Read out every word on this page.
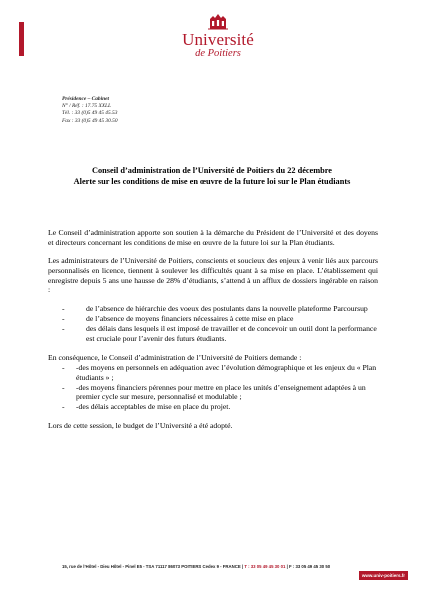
Université
de Poitiers
Présidence – Cabinet
N° / Réf. : 17.75 XXLL
Tél. : 33 (0)5 49 45 45.53
Fax : 33 (0)5 49 45 30.50
Conseil d’administration de l’Université de Poitiers du 22 décembre
Alerte sur les conditions de mise en œuvre de la future loi sur le Plan étudiants

Le Conseil d’administration apporte son soutien à la démarche du Président de l’Université et des doyens et directeurs concernant les conditions de mise en œuvre de la future loi sur la Plan étudiants.

Les administrateurs de l’Université de Poitiers, conscients et soucieux des enjeux à venir liés aux parcours personnalisés en licence, tiennent à soulever les difficultés quant à sa mise en place. L’établissement qui enregistre depuis 5 ans une hausse de 28% d’étudiants, s’attend à un afflux de dossiers ingérable en raison :

-	de l’absence de hiérarchie des voeux des postulants dans la nouvelle plateforme Parcoursup
-	de l’absence de moyens financiers nécessaires à cette mise en place
-	des délais dans lesquels il est imposé de travailler et de concevoir un outil dont la performance est cruciale pour l’avenir des futurs étudiants.

En conséquence, le Conseil d’administration de l’Université de Poitiers demande :

- -des moyens en personnels en adéquation avec l’évolution démographique et les enjeux du « Plan étudiants » ;
- -des moyens financiers pérennes pour mettre en place les unités d’enseignement adaptées à un premier cycle sur mesure, personnalisé et modulable ;
- -des délais acceptables de mise en place du projet.

Lors de cette session, le budget de l’Université a été adopté.

15, rue de l’Hôtel - Dieu Hôtel - Pinel E5 - TSA 71117 86073 POITIERS Cedex 9 - FRANCE | T : 33 05 49 45 30 01 | F : 33 05 49 45 30 50
www.univ-poitiers.fr
